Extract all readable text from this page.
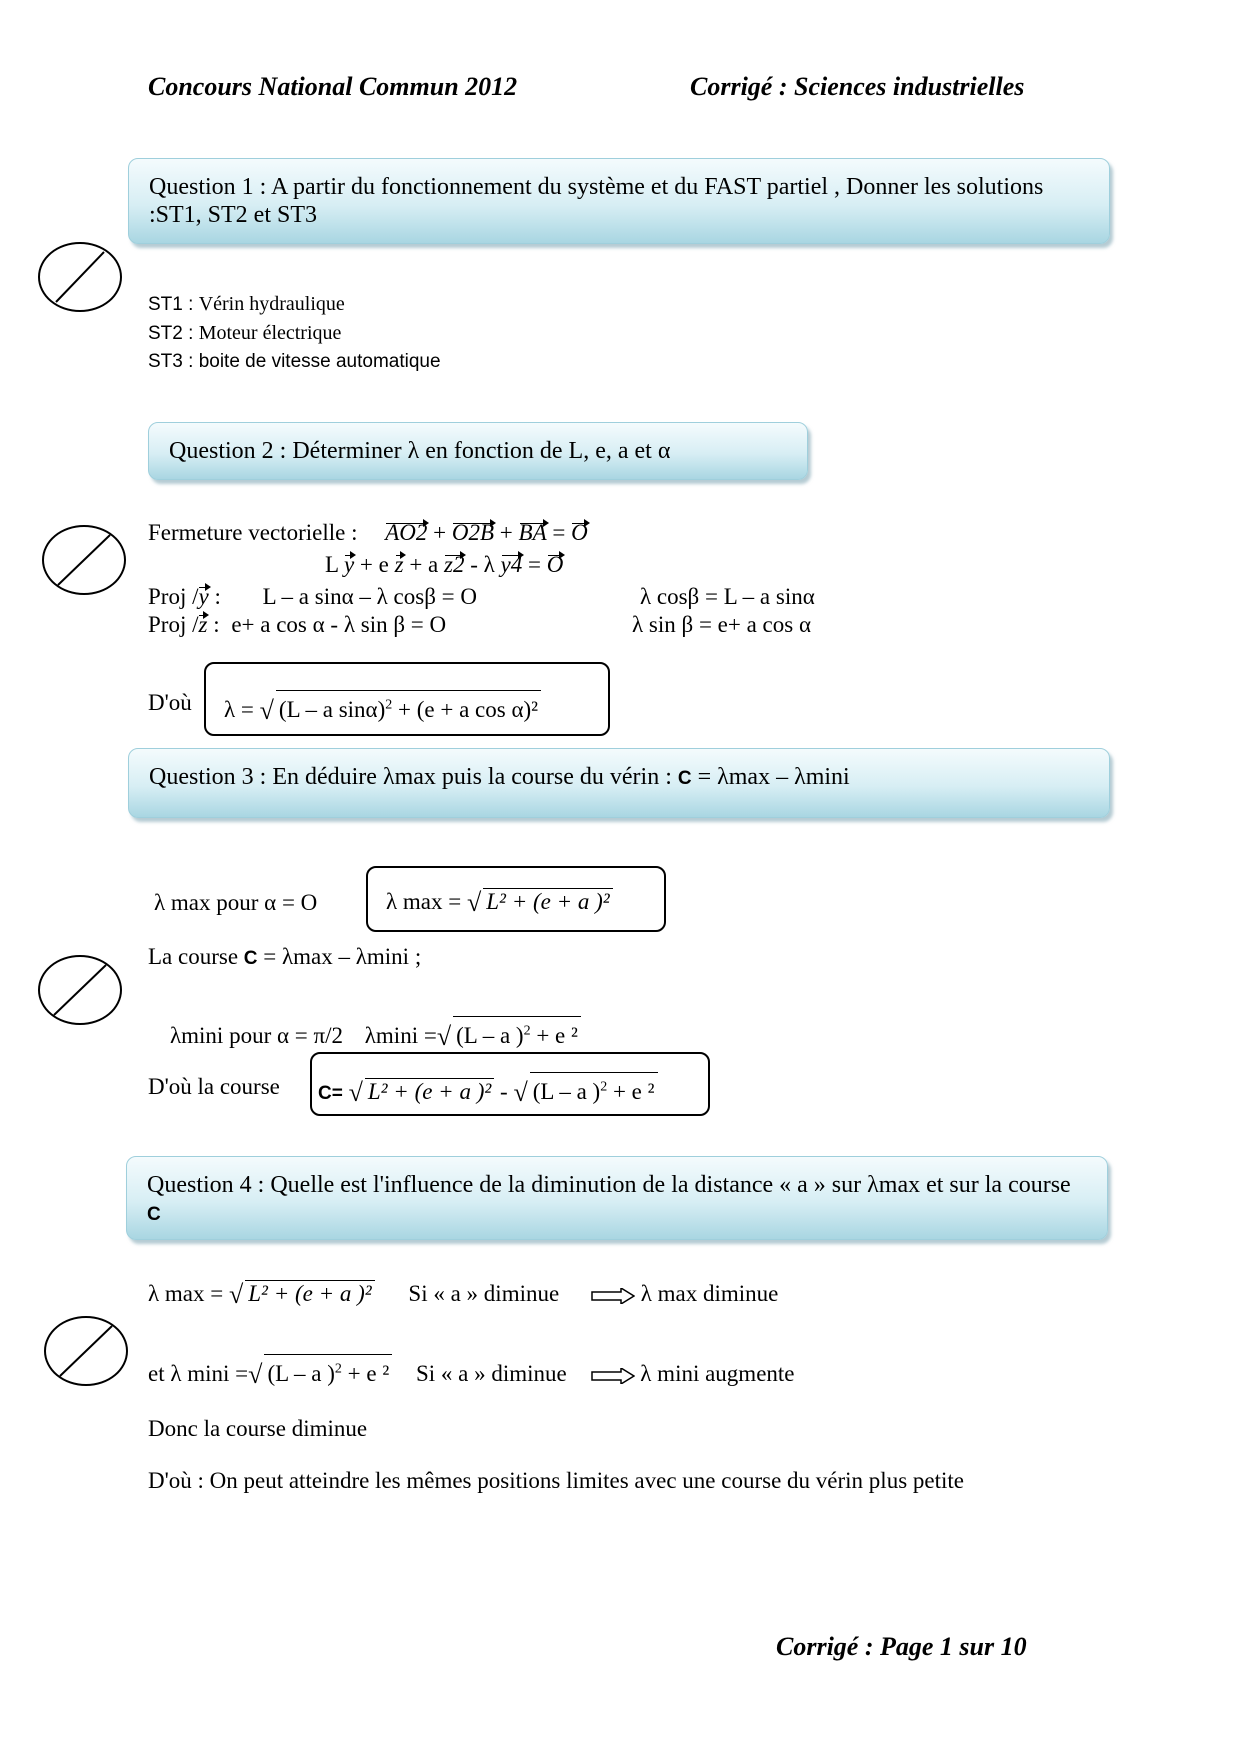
Concours National Commun 2012	Corrigé : Sciences industrielles
Question 1 : A partir du fonctionnement du système et du FAST partiel , Donner les solutions :ST1, ST2 et ST3
ST1 : Vérin hydraulique
ST2 : Moteur électrique
ST3 : boite de vitesse automatique
Question 2 : Déterminer λ en fonction de L, e, a et α
Fermeture vectorielle : AO2 + O2B + BA = O
L y + e z + a z2 - λ y4 = O
Proj /y : L – a sinα – λ cosβ = O	λ cosβ = L – a sinα
Proj /z : e+ a cos α - λ sin β = O	λ sin β = e+ a cos α
D'où λ = √ (L – a sinα)$^2$ + (e + a cos α)²
Question 3 : En déduire λmax puis la course du vérin : C = λmax – λmini
λ max pour α = O	λ max = √ L² + (e + a )²
La course C = λmax – λmini ;
λmini pour α = π/2 λmini =√ (L – a )$^2$ + e ²
D'où la course C= √ L² + (e + a )² - √ (L – a )$^2$ + e ²
Question 4 : Quelle est l'influence de la diminution de la distance « a » sur λmax et sur la course C
λ max = √ L² + (e + a )² Si « a » diminue	λ max diminue
et λ mini =√ (L – a )$^2$ + e ² Si « a » diminue	λ mini augmente
Donc la course diminue
D'où : On peut atteindre les mêmes positions limites avec une course du vérin plus petite
Corrigé : Page 1 sur 10
